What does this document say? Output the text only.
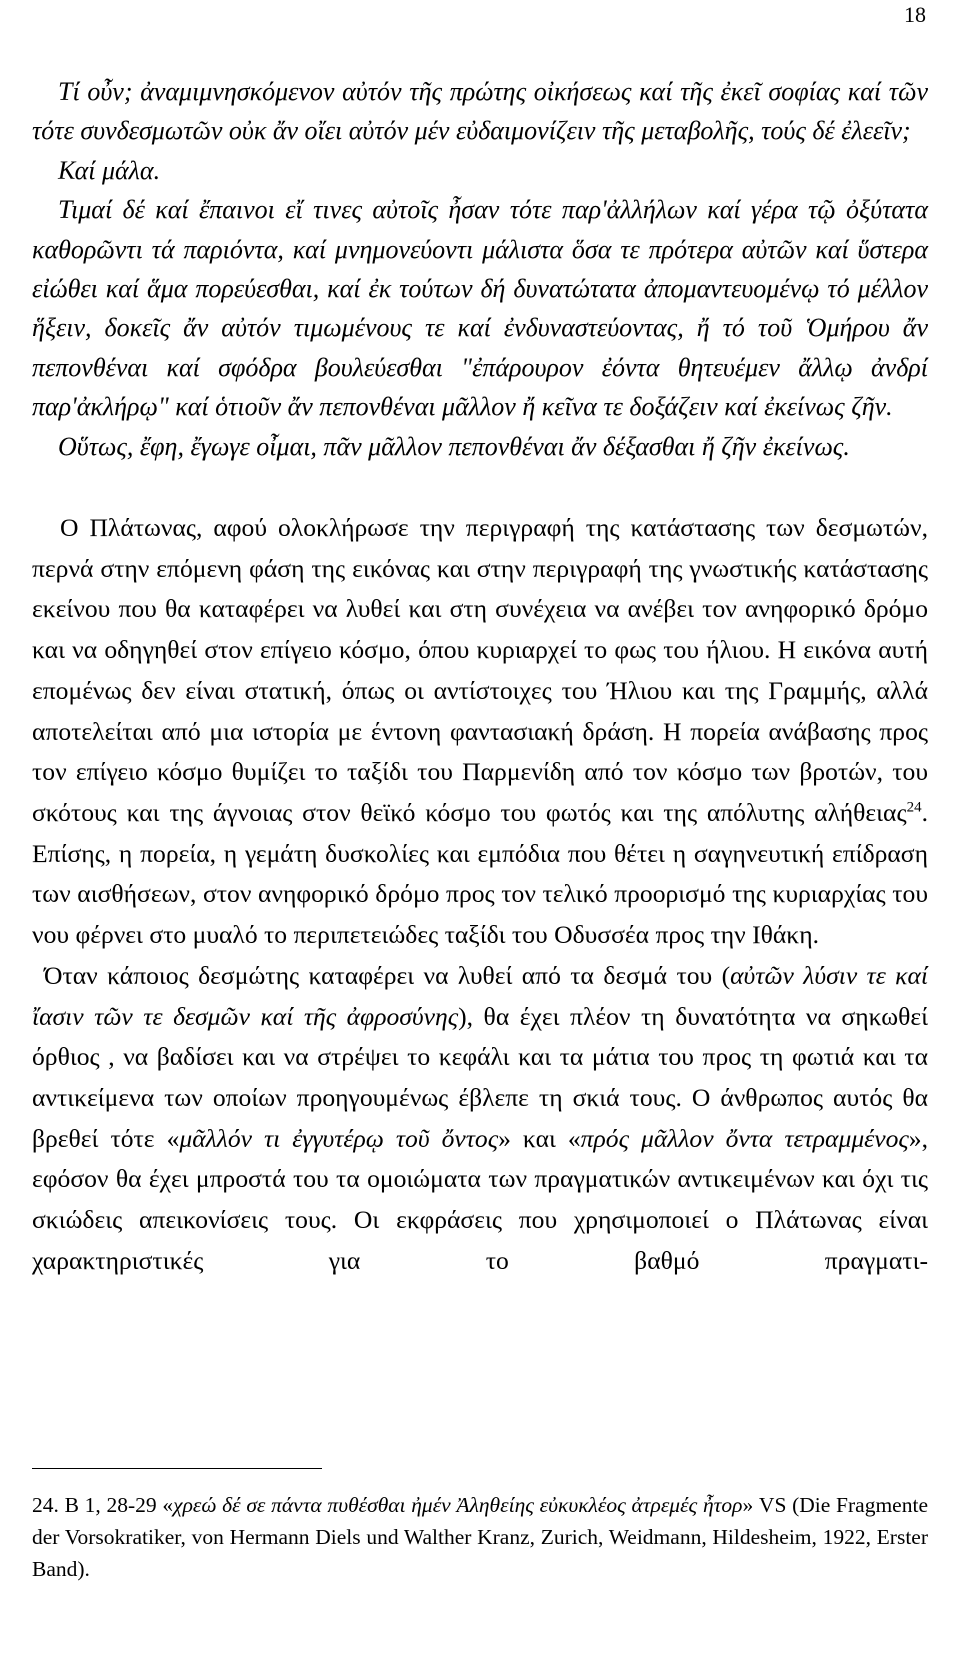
18

Τί οὖν; ἀναμιμνησκόμενον αὐτόν τῆς πρώτης οἰκήσεως καί τῆς ἐκεῖ σοφίας καί τῶν τότε συνδεσμωτῶν οὐκ ἄν οἴει αὐτόν μέν εὐδαιμονίζειν τῆς μεταβολῆς, τούς δέ ἐλεεῖν;

Καί μάλα.

Τιμαί δέ καί ἔπαινοι εἴ τινες αὐτοῖς ἦσαν τότε παρ'ἀλλήλων καί γέρα τῷ ὀξύτατα καθορῶντι τά παριόντα, καί μνημονεύοντι μάλιστα ὅσα τε πρότερα αὐτῶν καί ὕστερα εἰώθει καί ἅμα πορεύεσθαι, καί ἐκ τούτων δή δυνατώτατα ἀπομαντευομένῳ τό μέλλον ἥξειν, δοκεῖς ἄν αὐτόν τιμωμένους τε καί ἐνδυναστεύοντας, ἤ τό τοῦ Ὁμήρου ἄν πεπονθέναι καί σφόδρα βουλεύεσθαι "ἐπάρουρον ἐόντα θητευέμεν ἄλλῳ ἀνδρί παρ'ἀκλήρῳ" καί ὁτιοῦν ἄν πεπονθέναι μᾶλλον ἤ κεῖνα τε δοξάζειν καί ἐκείνως ζῆν.

Οὕτως, ἔφη, ἔγωγε οἶμαι, πᾶν μᾶλλον πεπονθέναι ἄν δέξασθαι ἤ ζῆν ἐκείνως.

Ο Πλάτωνας, αφού ολοκλήρωσε την περιγραφή της κατάστασης των δεσμωτών, περνά στην επόμενη φάση της εικόνας και στην περιγραφή της γνωστικής κατάστασης εκείνου που θα καταφέρει να λυθεί και στη συνέχεια να ανέβει τον ανηφορικό δρόμο και να οδηγηθεί στον επίγειο κόσμο, όπου κυριαρχεί το φως του ήλιου. Η εικόνα αυτή επομένως δεν είναι στατική, όπως οι αντίστοιχες του Ήλιου και της Γραμμής, αλλά αποτελείται από μια ιστορία με έντονη φαντασιακή δράση. Η πορεία ανάβασης προς τον επίγειο κόσμο θυμίζει το ταξίδι του Παρμενίδη από τον κόσμο των βροτών, του σκότους και της άγνοιας στον θεϊκό κόσμο του φωτός και της απόλυτης αλήθειας$^{24}$. Επίσης, η πορεία, η γεμάτη δυσκολίες και εμπόδια που θέτει η σαγηνευτική επίδραση των αισθήσεων, στον ανηφορικό δρόμο προς τον τελικό προορισμό της κυριαρχίας του νου φέρνει στο μυαλό το περιπετειώδες ταξίδι του Οδυσσέα προς την Ιθάκη.

Όταν κάποιος δεσμώτης καταφέρει να λυθεί από τα δεσμά του (αὐτῶν λύσιν τε καί ἴασιν τῶν τε δεσμῶν καί τῆς ἀφροσύνης), θα έχει πλέον τη δυνατότητα να σηκωθεί όρθιος , να βαδίσει και να στρέψει το κεφάλι και τα μάτια του προς τη φωτιά και τα αντικείμενα των οποίων προηγουμένως έβλεπε τη σκιά τους. Ο άνθρωπος αυτός θα βρεθεί τότε «μᾶλλόν τι ἐγγυτέρῳ τοῦ ὄντος» και «πρός μᾶλλον ὄντα τετραμμένος», εφόσον θα έχει μπροστά του τα ομοιώματα των πραγματικών αντικειμένων και όχι τις σκιώδεις απεικονίσεις τους. Οι εκφράσεις που χρησιμοποιεί ο Πλάτωνας είναι χαρακτηριστικές για το βαθμό πραγματι-

24. B 1, 28-29 «χρεώ δέ σε πάντα πυθέσθαι ἠμέν Ἀληθείης εὐκυκλέος ἀτρεμές ἦτορ» VS (Die Fragmente der Vorsokratiker, von Hermann Diels und Walther Kranz, Zurich, Weidmann, Hildesheim, 1922, Erster Band).
